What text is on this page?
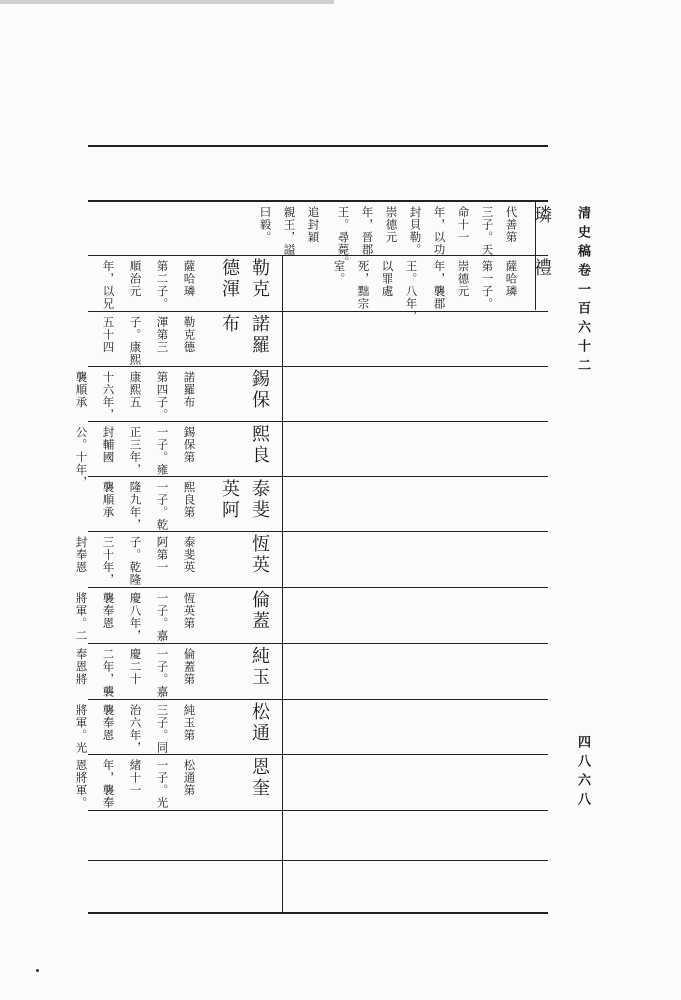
清史稿卷一百六十二
四八六八
璘
代善第
三子。天
命十一
年，以功
封貝勒。
崇德元
年，晉郡
王。尋薨。
追封穎
親王，謚
曰毅。
禮
薩哈璘
第一子。
崇德元
年，襲郡
王。八年，
以罪處
死，黜宗
室。
勒克
德渾
薩哈璘
第二子。
順治元
年，以兄
諾羅
布
勒克德
渾第三
子。康熙
五十四
錫保
諾羅布
第四子。
康熙五
十六年，
襲順承
熙良
錫保第
一子。雍
正三年，
封輔國
公。十年，
泰斐
英阿
熙良第
一子。乾
隆九年，
襲順承
恆英
泰斐英
阿第一
子。乾隆
三十年，
封奉恩
倫蓋
恆英第
一子。嘉
慶八年，
襲奉恩
將軍。二
純玉
倫蓋第
一子。嘉
慶二十
二年，襲
奉恩將
松通
純玉第
三子。同
治六年，
襲奉恩
將軍。光
恩奎
松通第
一子。光
緒十一
年，襲奉
恩將軍。
